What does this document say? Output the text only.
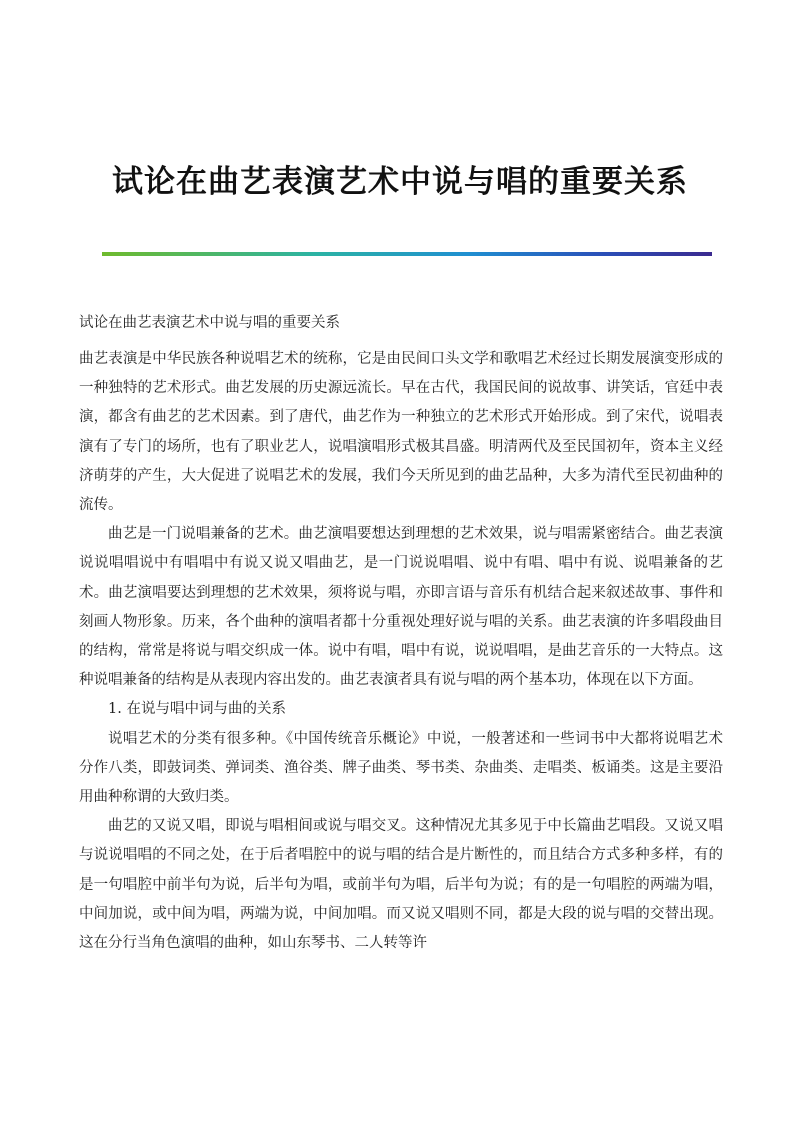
试论在曲艺表演艺术中说与唱的重要关系

试论在曲艺表演艺术中说与唱的重要关系

曲艺表演是中华民族各种说唱艺术的统称，它是由民间口头文学和歌唱艺术经过长期发展演变形成的一种独特的艺术形式。曲艺发展的历史源远流长。早在古代，我国民间的说故事、讲笑话，官廷中表演，都含有曲艺的艺术因素。到了唐代，曲艺作为一种独立的艺术形式开始形成。到了宋代，说唱表演有了专门的场所，也有了职业艺人，说唱演唱形式极其昌盛。明清两代及至民国初年，资本主义经济萌芽的产生，大大促进了说唱艺术的发展，我们今天所见到的曲艺品种，大多为清代至民初曲种的流传。

曲艺是一门说唱兼备的艺术。曲艺演唱要想达到理想的艺术效果，说与唱需紧密结合。曲艺表演说说唱唱说中有唱唱中有说又说又唱曲艺，是一门说说唱唱、说中有唱、唱中有说、说唱兼备的艺术。曲艺演唱要达到理想的艺术效果，须将说与唱，亦即言语与音乐有机结合起来叙述故事、事件和刻画人物形象。历来，各个曲种的演唱者都十分重视处理好说与唱的关系。曲艺表演的许多唱段曲目的结构，常常是将说与唱交织成一体。说中有唱，唱中有说，说说唱唱，是曲艺音乐的一大特点。这种说唱兼备的结构是从表现内容出发的。曲艺表演者具有说与唱的两个基本功，体现在以下方面。

1. 在说与唱中词与曲的关系

说唱艺术的分类有很多种。《中国传统音乐概论》中说，一般著述和一些词书中大都将说唱艺术分作八类，即鼓词类、弹词类、渔谷类、牌子曲类、琴书类、杂曲类、走唱类、板诵类。这是主要沿用曲种称谓的大致归类。

曲艺的又说又唱，即说与唱相间或说与唱交叉。这种情况尤其多见于中长篇曲艺唱段。又说又唱与说说唱唱的不同之处，在于后者唱腔中的说与唱的结合是片断性的，而且结合方式多种多样，有的是一句唱腔中前半句为说，后半句为唱，或前半句为唱，后半句为说；有的是一句唱腔的两端为唱，中间加说，或中间为唱，两端为说，中间加唱。而又说又唱则不同，都是大段的说与唱的交替出现。这在分行当角色演唱的曲种，如山东琴书、二人转等许
